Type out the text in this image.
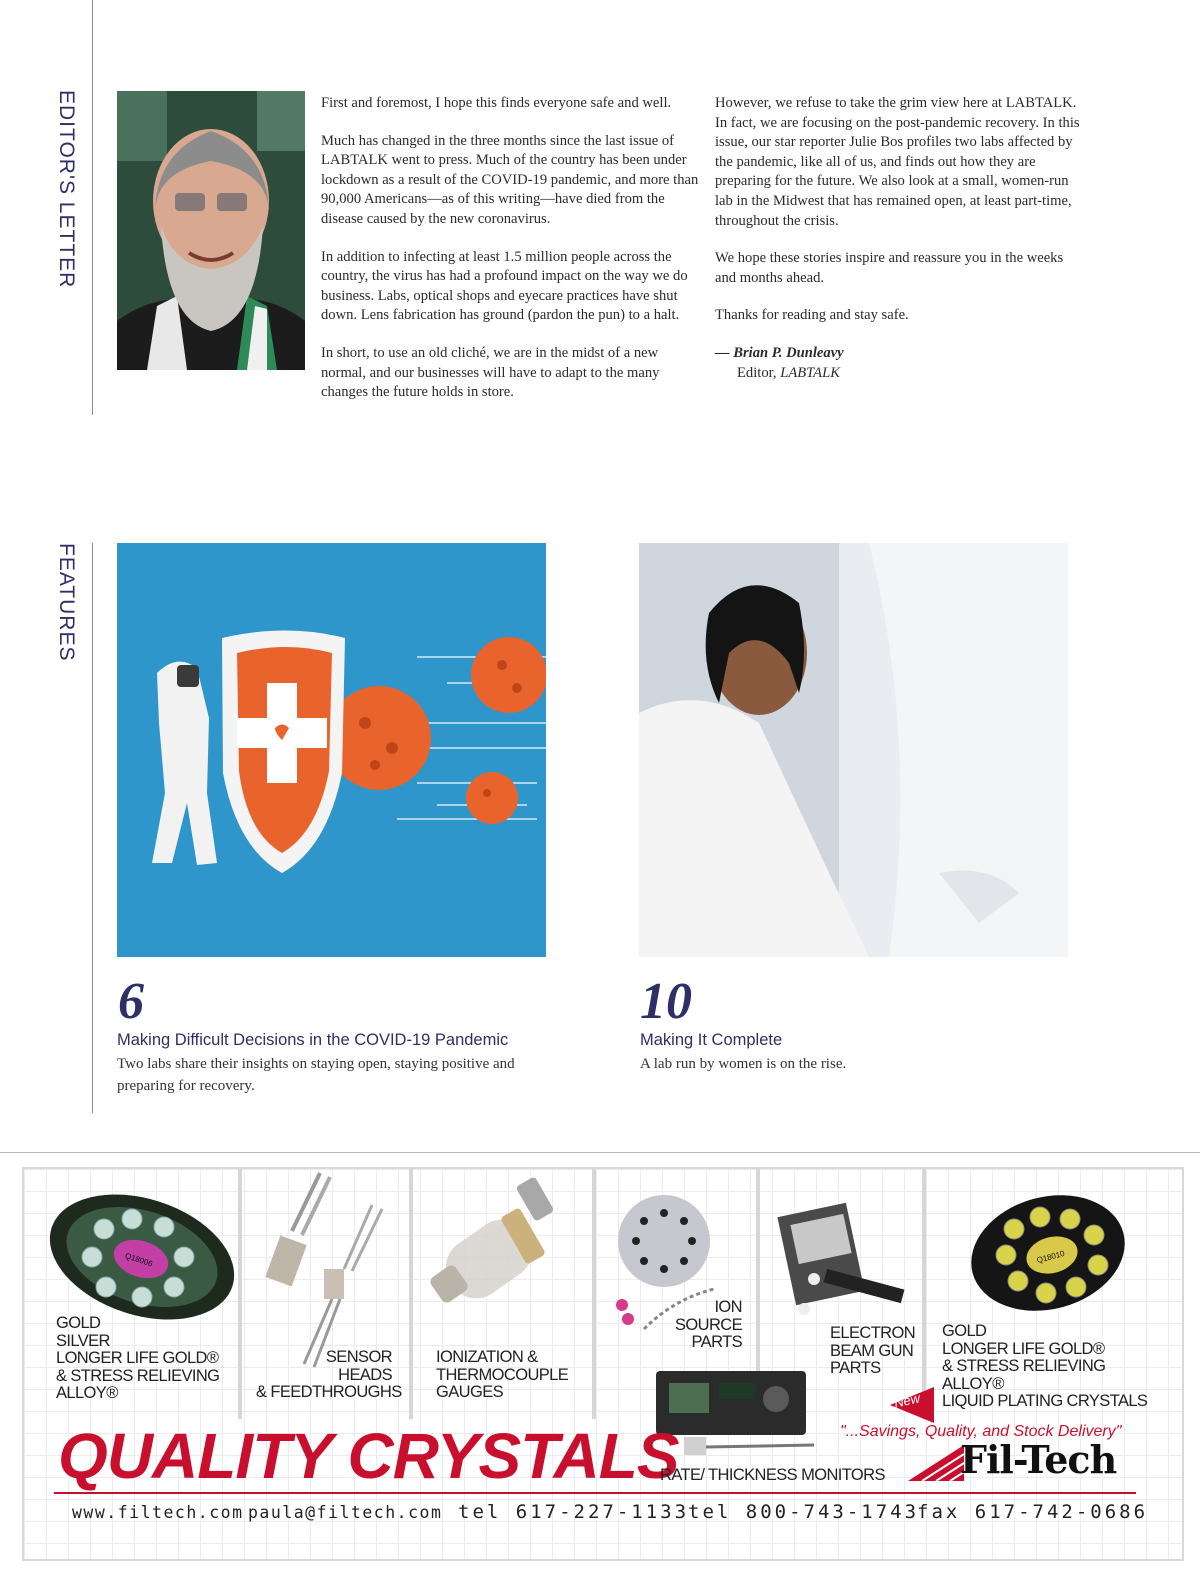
EDITOR'S LETTER	First and foremost, I hope this finds everyone safe and well.

Much has changed in the three months since the last issue of LABTALK went to press. Much of the country has been under lockdown as a result of the COVID-19 pandemic, and more than 90,000 Americans—as of this writing—have died from the disease caused by the new coronavirus.

In addition to infecting at least 1.5 million people across the country, the virus has had a profound impact on the way we do business. Labs, optical shops and eyecare practices have shut down. Lens fabrication has ground (pardon the pun) to a halt.

In short, to use an old cliché, we are in the midst of a new normal, and our businesses will have to adapt to the many changes the future holds in store.

However, we refuse to take the grim view here at LABTALK. In fact, we are focusing on the post-pandemic recovery. In this issue, our star reporter Julie Bos profiles two labs affected by the pandemic, like all of us, and finds out how they are preparing for the future. We also look at a small, women-run lab in the Midwest that has remained open, at least part-time, throughout the crisis.

We hope these stories inspire and reassure you in the weeks and months ahead.

Thanks for reading and stay safe.

— Brian P. Dunleavy
Editor, LABTALK
FEATURES
6
Making Difficult Decisions in the COVID-19 Pandemic
Two labs share their insights on staying open, staying positive and preparing for recovery.
10
Making It Complete
A lab run by women is on the rise.
Q18006	Q18010
GOLD
SILVER
LONGER LIFE GOLD®
& STRESS RELIEVING
ALLOY®
SENSOR
HEADS
& FEEDTHROUGHS
IONIZATION &
THERMOCOUPLE
GAUGES
ION
SOURCE
PARTS	ELECTRON
BEAM GUN
PARTS
GOLD
LONGER LIFE GOLD®
& STRESS RELIEVING
ALLOY®
LIQUID PLATING CRYSTALS
New
"...Savings, Quality, and Stock Delivery"
QUALITY CRYSTALS
RATE/ THICKNESS MONITORS Fil-Tech
www.filtech.com paula@filtech.com tel 617-227-1133
tel 800-743-1743
fax 617-742-0686
